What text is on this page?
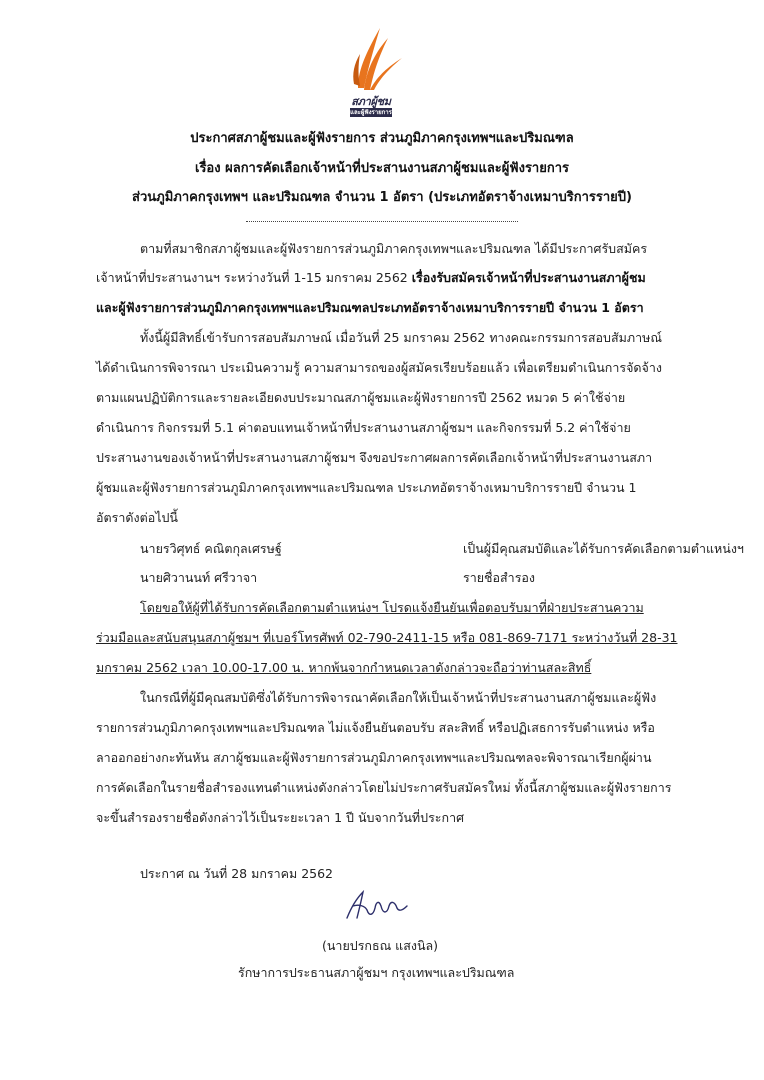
สภาผู้ชม
และผู้ฟังรายการ
ประกาศสภาผู้ชมและผู้ฟังรายการ ส่วนภูมิภาคกรุงเทพฯและปริมณฑล
เรื่อง ผลการคัดเลือกเจ้าหน้าที่ประสานงานสภาผู้ชมและผู้ฟังรายการ
ส่วนภูมิภาคกรุงเทพฯ และปริมณฑล จำนวน 1 อัตรา (ประเภทอัตราจ้างเหมาบริการรายปี)
ตามที่สมาชิกสภาผู้ชมและผู้ฟังรายการส่วนภูมิภาคกรุงเทพฯและปริมณฑล ได้มีประกาศรับสมัคร
เจ้าหน้าที่ประสานงานฯ ระหว่างวันที่ 1-15 มกราคม 2562 เรื่องรับสมัครเจ้าหน้าที่ประสานงานสภาผู้ชม
และผู้ฟังรายการส่วนภูมิภาคกรุงเทพฯและปริมณฑลประเภทอัตราจ้างเหมาบริการรายปี จำนวน 1 อัตรา
ทั้งนี้ผู้มีสิทธิ์เข้ารับการสอบสัมภาษณ์ เมื่อวันที่ 25 มกราคม 2562 ทางคณะกรรมการสอบสัมภาษณ์
ได้ดำเนินการพิจารณา ประเมินความรู้ ความสามารถของผู้สมัครเรียบร้อยแล้ว เพื่อเตรียมดำเนินการจัดจ้าง
ตามแผนปฏิบัติการและรายละเอียดงบประมาณสภาผู้ชมและผู้ฟังรายการปี 2562 หมวด 5 ค่าใช้จ่าย
ดำเนินการ กิจกรรมที่ 5.1 ค่าตอบแทนเจ้าหน้าที่ประสานงานสภาผู้ชมฯ และกิจกรรมที่ 5.2 ค่าใช้จ่าย
ประสานงานของเจ้าหน้าที่ประสานงานสภาผู้ชมฯ จึงขอประกาศผลการคัดเลือกเจ้าหน้าที่ประสานงานสภา
ผู้ชมและผู้ฟังรายการส่วนภูมิภาคกรุงเทพฯและปริมณฑล ประเภทอัตราจ้างเหมาบริการรายปี จำนวน 1
อัตราดังต่อไปนี้
นายรวิศุทธ์ คณิตกุลเศรษฐ์	เป็นผู้มีคุณสมบัติและได้รับการคัดเลือกตามตำแหน่งฯ
นายศิวานนท์ ศรีวาจา	รายชื่อสำรอง
โดยขอให้ผู้ที่ได้รับการคัดเลือกตามตำแหน่งฯ โปรดแจ้งยืนยันเพื่อตอบรับมาที่ฝ่ายประสานความ
ร่วมมือและสนับสนุนสภาผู้ชมฯ ที่เบอร์โทรศัพท์ 02-790-2411-15 หรือ 081-869-7171 ระหว่างวันที่ 28-31
มกราคม 2562 เวลา 10.00-17.00 น. หากพ้นจากกำหนดเวลาดังกล่าวจะถือว่าท่านสละสิทธิ์
ในกรณีที่ผู้มีคุณสมบัติซึ่งได้รับการพิจารณาคัดเลือกให้เป็นเจ้าหน้าที่ประสานงานสภาผู้ชมและผู้ฟัง
รายการส่วนภูมิภาคกรุงเทพฯและปริมณฑล ไม่แจ้งยืนยันตอบรับ สละสิทธิ์ หรือปฏิเสธการรับตำแหน่ง หรือ
ลาออกอย่างกะทันหัน สภาผู้ชมและผู้ฟังรายการส่วนภูมิภาคกรุงเทพฯและปริมณฑลจะพิจารณาเรียกผู้ผ่าน
การคัดเลือกในรายชื่อสำรองแทนตำแหน่งดังกล่าวโดยไม่ประกาศรับสมัครใหม่ ทั้งนี้สภาผู้ชมและผู้ฟังรายการ
จะขึ้นสำรองรายชื่อดังกล่าวไว้เป็นระยะเวลา 1 ปี นับจากวันที่ประกาศ
ประกาศ ณ วันที่ 28 มกราคม 2562
(นายปรกธณ แสงนิล)
รักษาการประธานสภาผู้ชมฯ กรุงเทพฯและปริมณฑล
